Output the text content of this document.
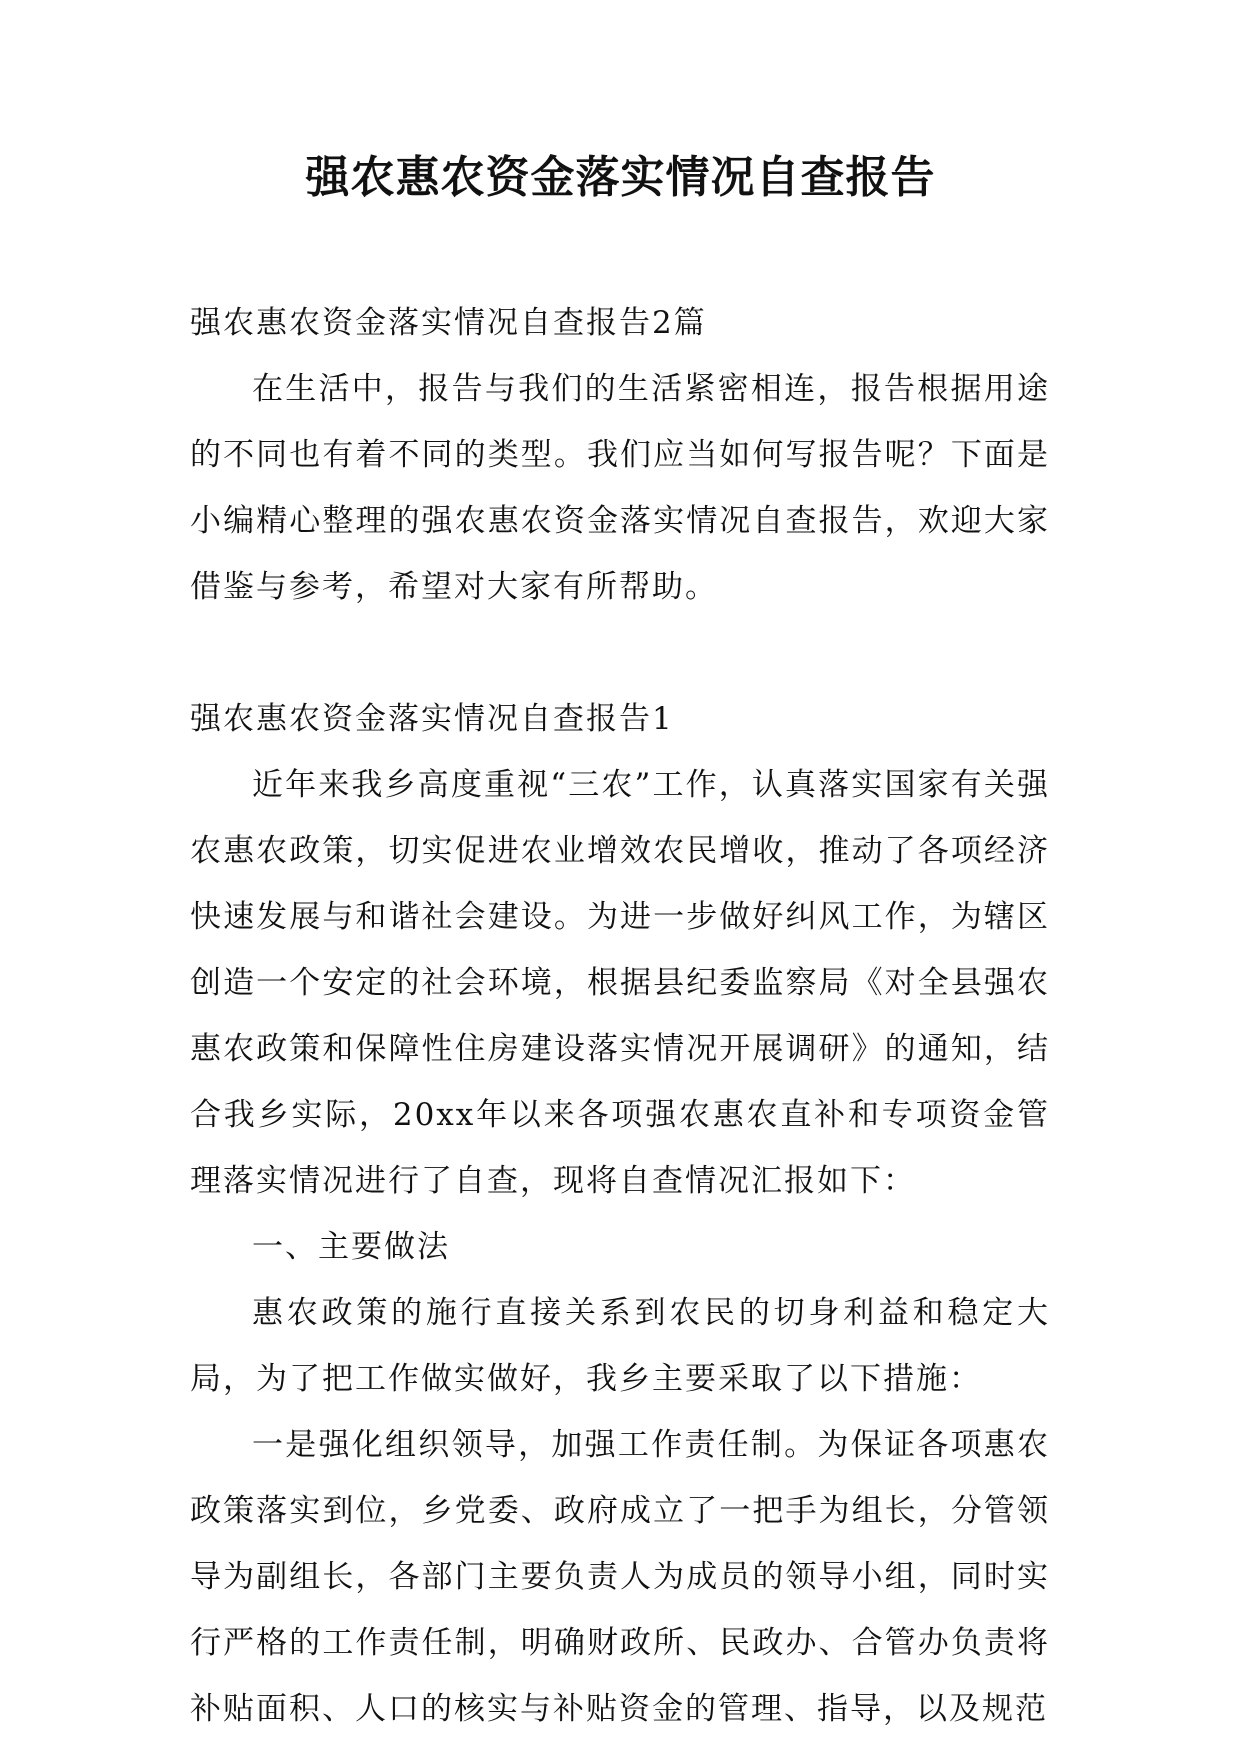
强农惠农资金落实情况自查报告

强农惠农资金落实情况自查报告2篇

在生活中，报告与我们的生活紧密相连，报告根据用途的不同也有着不同的类型。我们应当如何写报告呢？下面是小编精心整理的强农惠农资金落实情况自查报告，欢迎大家借鉴与参考，希望对大家有所帮助。

强农惠农资金落实情况自查报告1

近年来我乡高度重视“三农”工作，认真落实国家有关强农惠农政策，切实促进农业增效农民增收，推动了各项经济快速发展与和谐社会建设。为进一步做好纠风工作，为辖区创造一个安定的社会环境，根据县纪委监察局《对全县强农惠农政策和保障性住房建设落实情况开展调研》的通知，结合我乡实际，20xx年以来各项强农惠农直补和专项资金管理落实情况进行了自查，现将自查情况汇报如下：

一、主要做法

惠农政策的施行直接关系到农民的切身利益和稳定大局，为了把工作做实做好，我乡主要采取了以下措施：

一是强化组织领导，加强工作责任制。为保证各项惠农政策落实到位，乡党委、政府成立了一把手为组长，分管领导为副组长，各部门主要负责人为成员的领导小组，同时实行严格的工作责任制，明确财政所、民政办、合管办负责将补贴面积、人口的核实与补贴资金的管理、指导，以及规范
